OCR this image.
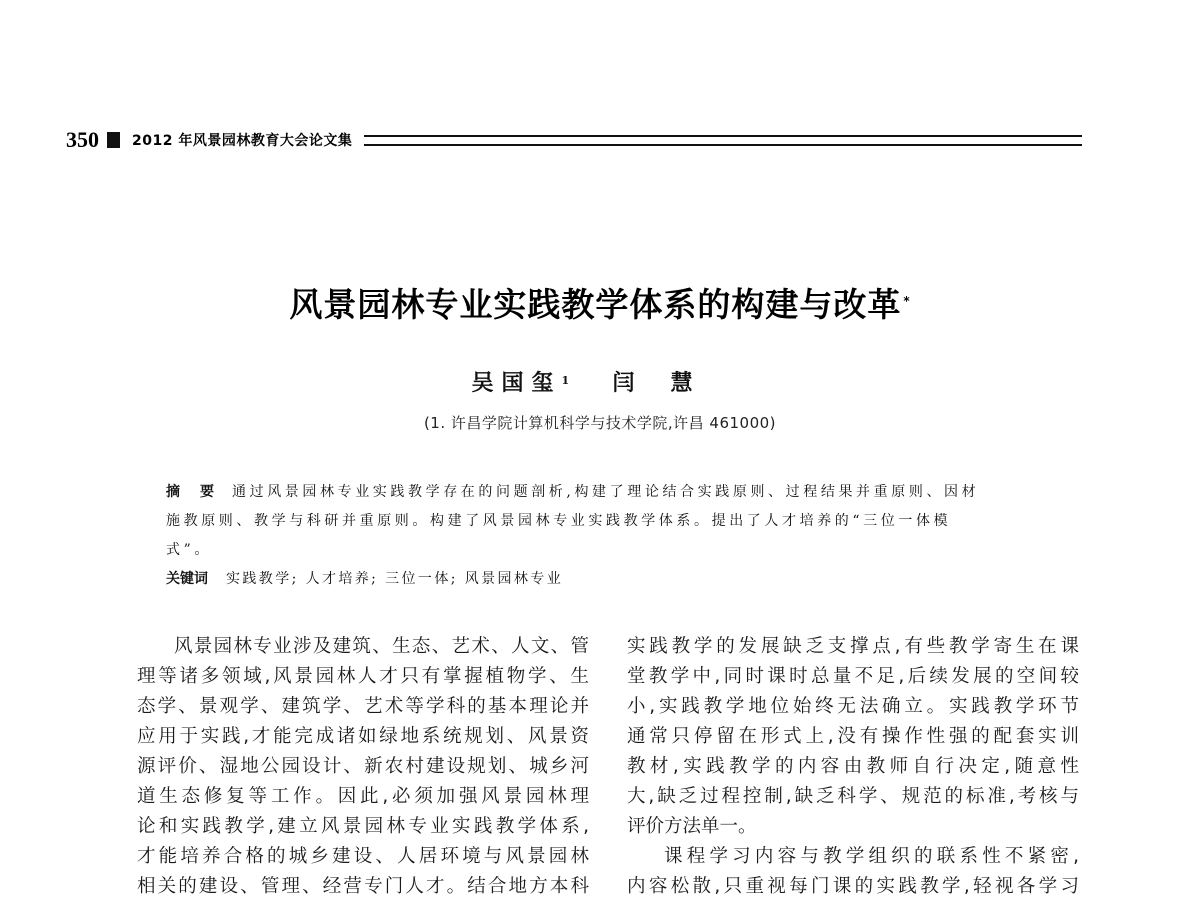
350 2012 年风景园林教育大会论文集
风景园林专业实践教学体系的构建与改革 *
吴国玺$^1$ 闫慧
(1. 许昌学院计算机科学与技术学院,许昌 461000)
摘 要 通过风景园林专业实践教学存在的问题剖析,构建了理论结合实践原则、过程结果并重原则、因材
施教原则、教学与科研并重原则。构建了风景园林专业实践教学体系。提出了人才培养的“三位一体模
式”。
关键词 实践教学; 人才培养; 三位一体; 风景园林专业
风景园林专业涉及建筑、生态、艺术、人文、管
理等诸多领域,风景园林人才只有掌握植物学、生
态学、景观学、建筑学、艺术等学科的基本理论并
应用于实践,才能完成诸如绿地系统规划、风景资
源评价、湿地公园设计、新农村建设规划、城乡河
道生态修复等工作。因此,必须加强风景园林理
论和实践教学,建立风景园林专业实践教学体系,
才能培养合格的城乡建设、人居环境与风景园林
相关的建设、管理、经营专门人才。结合地方本科
实践教学的发展缺乏支撑点,有些教学寄生在课
堂教学中,同时课时总量不足,后续发展的空间较
小,实践教学地位始终无法确立。实践教学环节
通常只停留在形式上,没有操作性强的配套实训
教材,实践教学的内容由教师自行决定,随意性
大,缺乏过程控制,缺乏科学、规范的标准,考核与
评价方法单一。
课程学习内容与教学组织的联系性不紧密,
内容松散,只重视每门课的实践教学,轻视各学习
